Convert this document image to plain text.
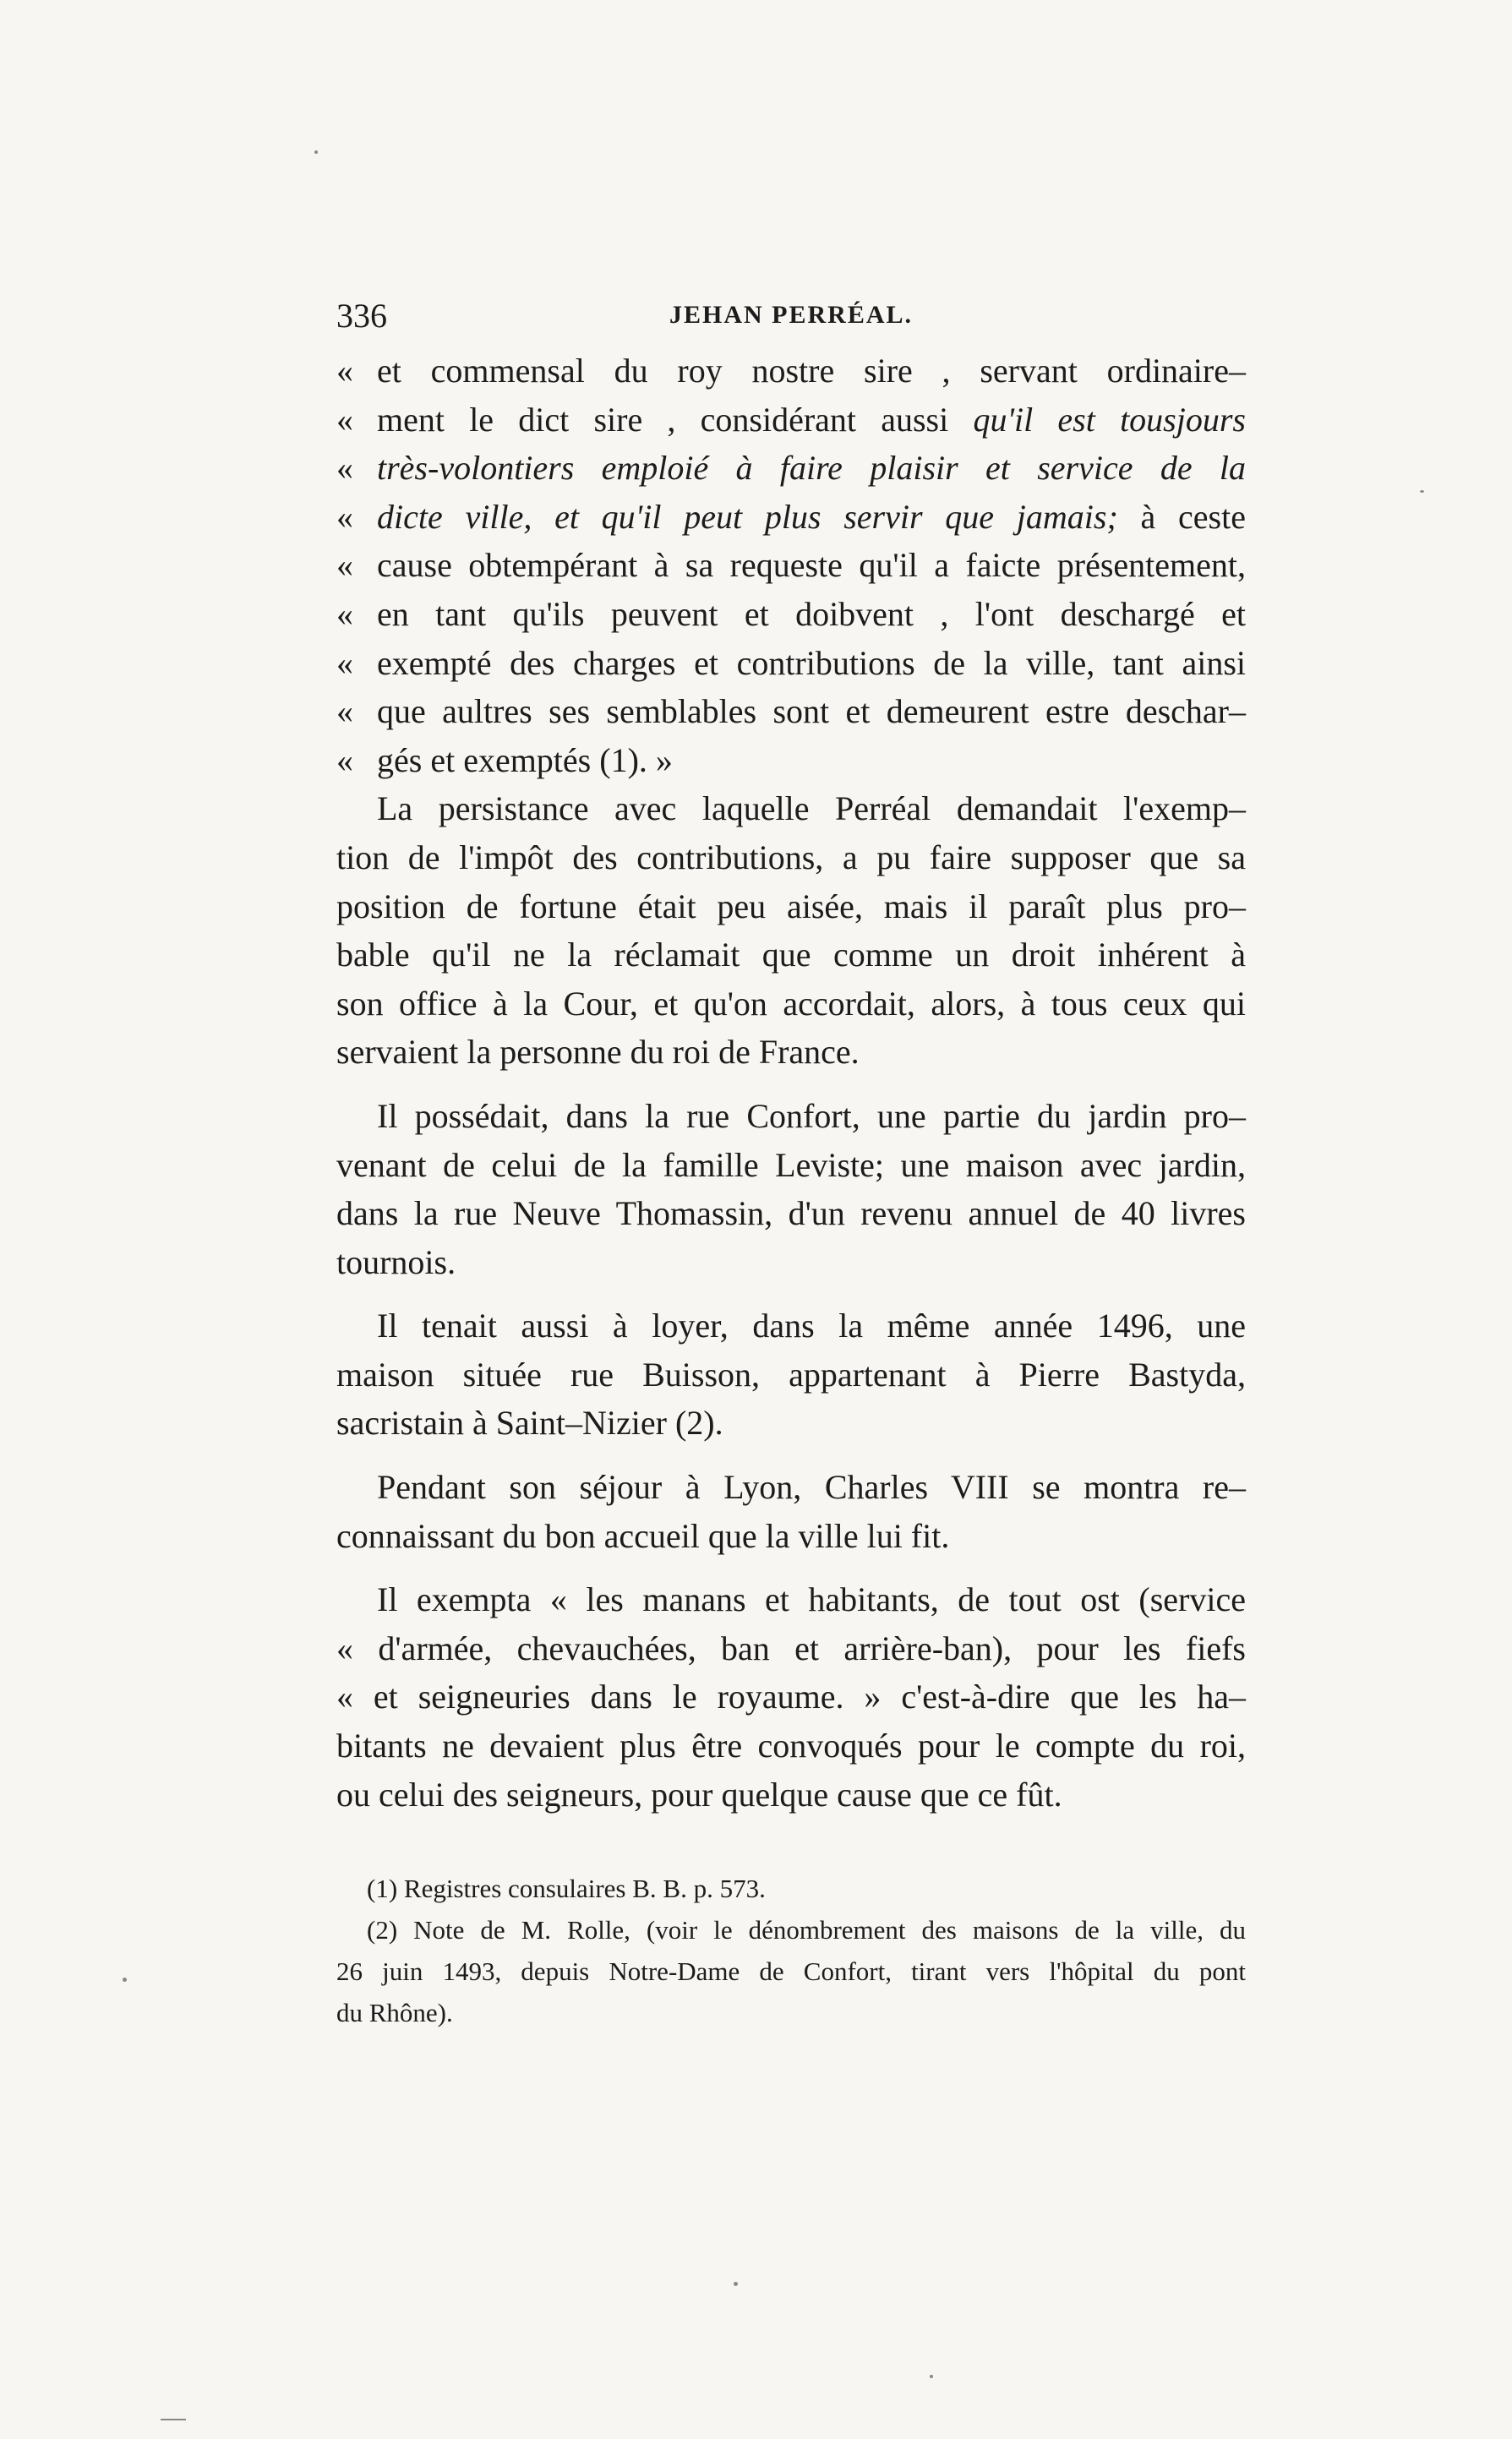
336	JEHAN PERRÉAL.
« et commensal du roy nostre sire , servant ordinaire–
« ment le dict sire , considérant aussi qu'il est tousjours
« très-volontiers emploié à faire plaisir et service de la
« dicte ville, et qu'il peut plus servir que jamais; à ceste
« cause obtempérant à sa requeste qu'il a faicte présentement,
« en tant qu'ils peuvent et doibvent , l'ont deschargé et
« exempté des charges et contributions de la ville, tant ainsi
« que aultres ses semblables sont et demeurent estre deschar–
« gés et exemptés (1). »
La persistance avec laquelle Perréal demandait l'exemp–
tion de l'impôt des contributions, a pu faire supposer que sa
position de fortune était peu aisée, mais il paraît plus pro–
bable qu'il ne la réclamait que comme un droit inhérent à
son office à la Cour, et qu'on accordait, alors, à tous ceux qui
servaient la personne du roi de France.
Il possédait, dans la rue Confort, une partie du jardin pro–
venant de celui de la famille Leviste; une maison avec jardin,
dans la rue Neuve Thomassin, d'un revenu annuel de 40 livres
tournois.
Il tenait aussi à loyer, dans la même année 1496, une
maison située rue Buisson, appartenant à Pierre Bastyda,
sacristain à Saint–Nizier (2).
Pendant son séjour à Lyon, Charles VIII se montra re–
connaissant du bon accueil que la ville lui fit.
Il exempta « les manans et habitants, de tout ost (service
« d'armée, chevauchées, ban et arrière-ban), pour les fiefs
« et seigneuries dans le royaume. » c'est-à-dire que les ha–
bitants ne devaient plus être convoqués pour le compte du roi,
ou celui des seigneurs, pour quelque cause que ce fût.
(1) Registres consulaires B. B. p. 573.
(2) Note de M. Rolle, (voir le dénombrement des maisons de la ville, du
26 juin 1493, depuis Notre-Dame de Confort, tirant vers l'hôpital du pont
du Rhône).
